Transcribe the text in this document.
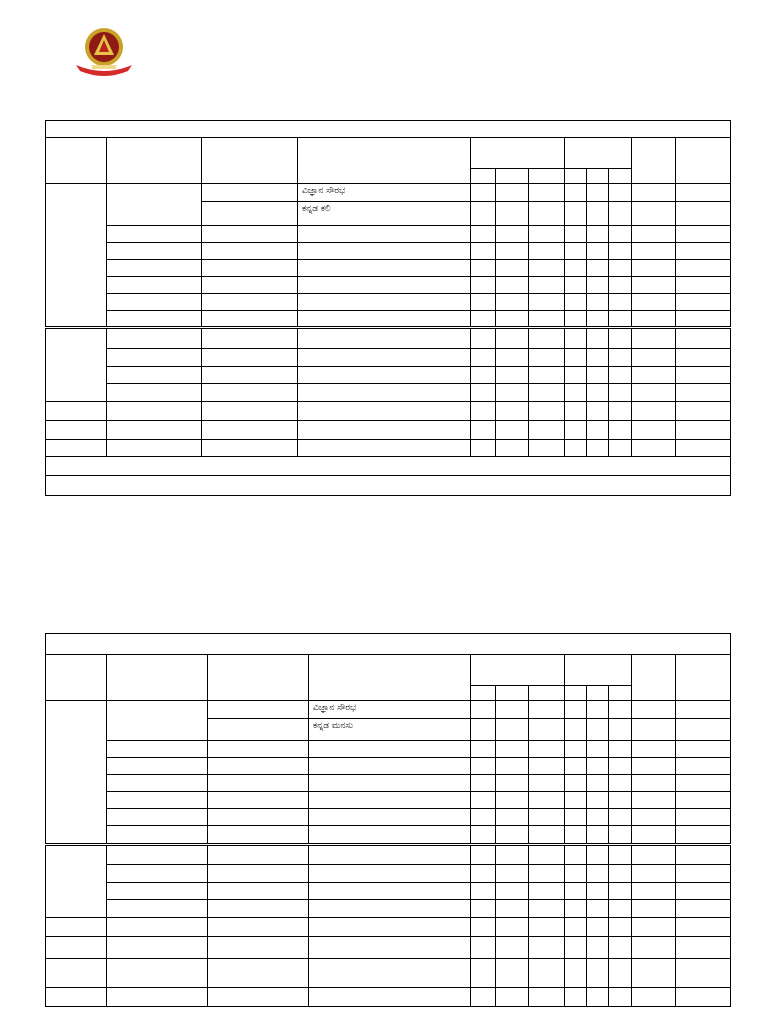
			ವಿಜ್ಞಾನ ಸೌರಭ								
			ಕನ್ನಡ ಕಲಿ								

			ವಿಜ್ಞಾನ ಸೌರಭ								
			ಕನ್ನಡ ಮನಸು								
